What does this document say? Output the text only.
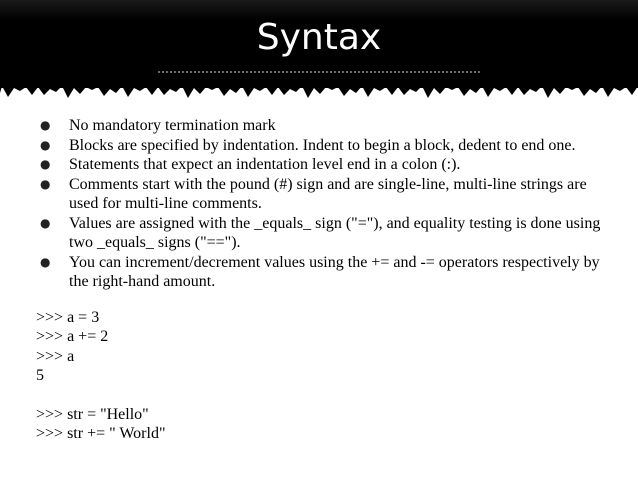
Syntax
● No mandatory termination mark
● Blocks are specified by indentation. Indent to begin a block, dedent to end one.
● Statements that expect an indentation level end in a colon (:).
● Comments start with the pound (#) sign and are single-line, multi-line strings are used for multi-line comments.
● Values are assigned with the _equals_ sign ("="), and equality testing is done using two _equals_ signs ("==").
● You can increment/decrement values using the += and -= operators respectively by the right-hand amount.
>>> a = 3
>>> a += 2
>>> a
5
>>> str = "Hello"
>>> str += " World"
